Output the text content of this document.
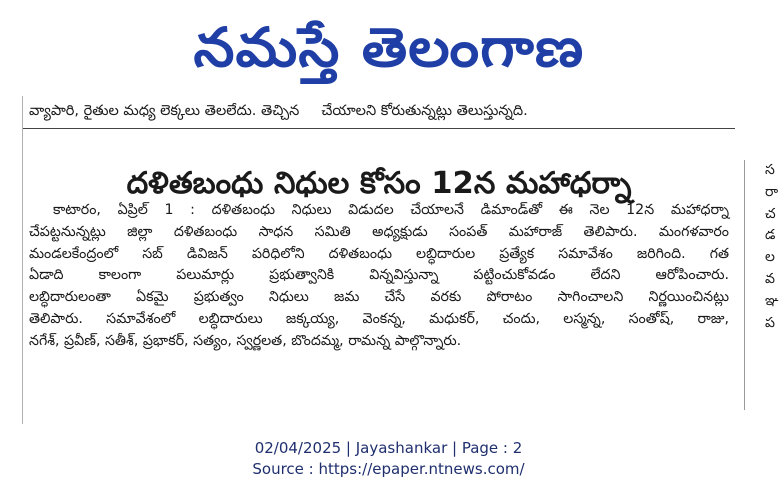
నమస్తే తెలంగాణ
వ్యాపారి, రైతుల మధ్య లెక్కలు తెలలేదు. తెచ్చిన చేయాలని కోరుతున్నట్లు తెలుస్తున్నది.
దళితబంధు నిధుల కోసం 12న మహాధర్నా
కాటారం, ఏప్రిల్ 1 : దళితబంధు నిధులు విడుదల చేయాలనే డిమాండ్‌తో ఈ నెల 12న మహాధర్నా
చేపట్టనున్నట్లు జిల్లా దళితబంధు సాధన సమితి అధ్యక్షుడు సంపత్ మహారాజ్ తెలిపారు. మంగళవారం
మండలకేంద్రంలో సబ్ డివిజన్ పరిధిలోని దళితబంధు లబ్ధిదారుల ప్రత్యేక సమావేశం జరిగింది. గత
ఏడాది కాలంగా పలుమార్లు ప్రభుత్వానికి విన్నవిస్తున్నా పట్టించుకోవడం లేదని ఆరోపించారు.
లబ్ధిదారులంతా ఏకమై ప్రభుత్వం నిధులు జమ చేసే వరకు పోరాటం సాగించాలని నిర్ణయించినట్లు
తెలిపారు. సమావేశంలో లబ్ధిదారులు జక్కయ్య, వెంకన్న, మధుకర్, చందు, లస్మన్న, సంతోష్, రాజు,
నగేశ్, ప్రవీణ్, సతీశ్, ప్రభాకర్, సత్యం, స్వర్ణలత, బొందమ్మ, రామన్న పాల్గొన్నారు.
స
రా
చ
డ
ల
వ
ఞ
ప
02/04/2025 | Jayashankar | Page : 2
Source : https://epaper.ntnews.com/
